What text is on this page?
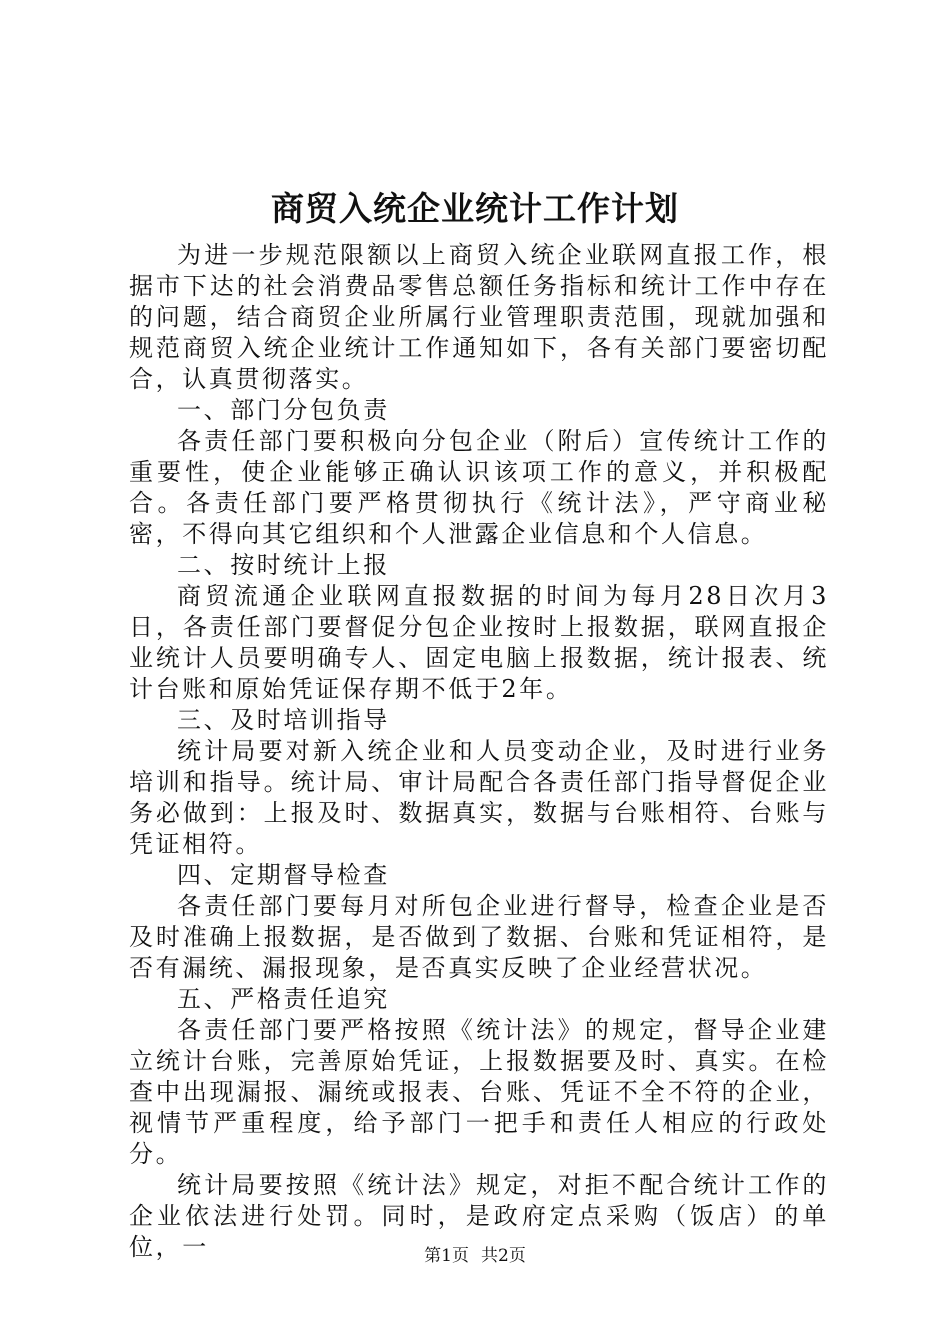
商贸入统企业统计工作计划

为进一步规范限额以上商贸入统企业联网直报工作，根据市下达的社会消费品零售总额任务指标和统计工作中存在的问题，结合商贸企业所属行业管理职责范围，现就加强和规范商贸入统企业统计工作通知如下，各有关部门要密切配合，认真贯彻落实。

一、部门分包负责

各责任部门要积极向分包企业（附后）宣传统计工作的重要性，使企业能够正确认识该项工作的意义，并积极配合。各责任部门要严格贯彻执行《统计法》，严守商业秘密，不得向其它组织和个人泄露企业信息和个人信息。

二、按时统计上报

商贸流通企业联网直报数据的时间为每月28日次月3日，各责任部门要督促分包企业按时上报数据，联网直报企业统计人员要明确专人、固定电脑上报数据，统计报表、统计台账和原始凭证保存期不低于2年。

三、及时培训指导

统计局要对新入统企业和人员变动企业，及时进行业务培训和指导。统计局、审计局配合各责任部门指导督促企业务必做到：上报及时、数据真实，数据与台账相符、台账与凭证相符。

四、定期督导检查

各责任部门要每月对所包企业进行督导，检查企业是否及时准确上报数据，是否做到了数据、台账和凭证相符，是否有漏统、漏报现象，是否真实反映了企业经营状况。

五、严格责任追究

各责任部门要严格按照《统计法》的规定，督导企业建立统计台账，完善原始凭证，上报数据要及时、真实。在检查中出现漏报、漏统或报表、台账、凭证不全不符的企业，视情节严重程度，给予部门一把手和责任人相应的行政处分。

统计局要按照《统计法》规定，对拒不配合统计工作的企业依法进行处罚。同时，是政府定点采购（饭店）的单位，一	第1页 共2页
